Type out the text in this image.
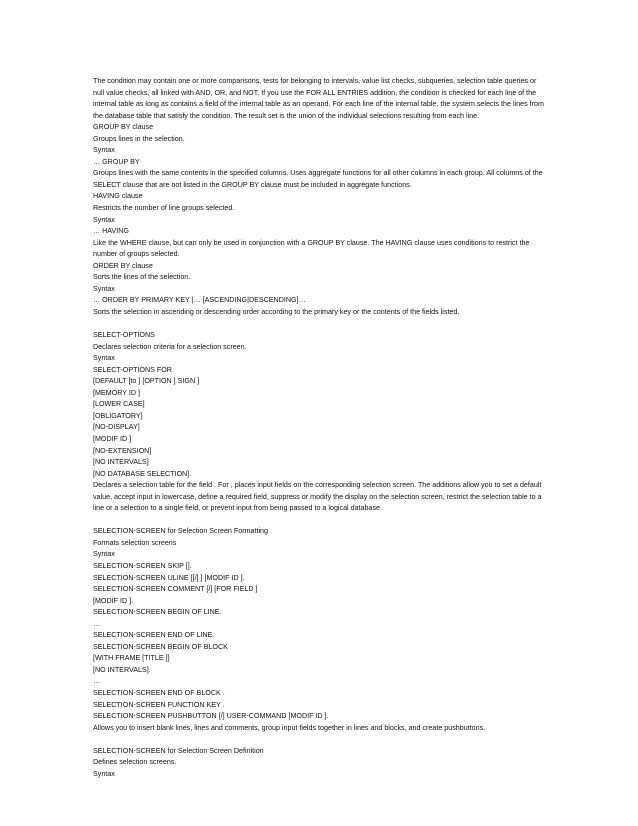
The condition may contain one or more comparisons, tests for belonging to intervals, value list checks, subqueries, selection table queries or null value checks, all linked with AND, OR, and NOT. If you use the FOR ALL ENTRIES addition, the condition is checked for each line of the internal table as long as contains a field of the internal table as an operand. For each line of the internal table, the system selects the lines from the database table that satisfy the condition. The result set is the union of the individual selections resulting from each line.
GROUP BY clause
Groups lines in the selection.
Syntax
… GROUP BY
Groups lines with the same contents in the specified columns. Uses aggregate functions for all other columns in each group. All columns of the SELECT clause that are not listed in the GROUP BY clause must be included in aggregate functions.
HAVING clause
Restricts the number of line groups selected.
Syntax
… HAVING
Like the WHERE clause, but can only be used in conjunction with a GROUP BY clause. The HAVING clause uses conditions to restrict the number of groups selected.
ORDER BY clause
Sorts the lines of the selection.
Syntax
… ORDER BY PRIMARY KEY |… [ASCENDING|DESCENDING]…
Sorts the selection in ascending or descending order according to the primary key or the contents of the fields listed.
SELECT-OPTIONS
Declares selection criteria for a selection screen.
Syntax
SELECT-OPTIONS FOR
[DEFAULT [to ] [OPTION ] SIGN ]
[MEMORY ID ]
[LOWER CASE]
[OBLIGATORY]
[NO-DISPLAY]
[MODIF ID ]
[NO-EXTENSION]
[NO INTERVALS]
[NO DATABASE SELECTION].
Declares a selection table for the field . For , places input fields on the corresponding selection screen. The additions allow you to set a default value, accept input in lowercase, define a required field, suppress or modify the display on the selection screen, restrict the selection table to a line or a selection to a single field, or prevent input from being passed to a logical database.
SELECTION-SCREEN for Selection Screen Formatting
Formats selection screens
Syntax
SELECTION-SCREEN SKIP [].
SELECTION-SCREEN ULINE [[/] ] [MODIF ID ].
SELECTION-SCREEN COMMENT [/] [FOR FIELD ]
[MODIF ID ].
SELECTION-SCREEN BEGIN OF LINE.
…
SELECTION-SCREEN END OF LINE.
SELECTION-SCREEN BEGIN OF BLOCK
[WITH FRAME [TITLE ]]
[NO INTERVALS].
…
SELECTION-SCREEN END OF BLOCK .
SELECTION-SCREEN FUNCTION KEY .
SELECTION-SCREEN PUSHBUTTON [/] USER-COMMAND [MODIF ID ].
Allows you to insert blank lines, lines and comments, group input fields together in lines and blocks, and create pushbuttons.
SELECTION-SCREEN for Selection Screen Definition
Defines selection screens.
Syntax
